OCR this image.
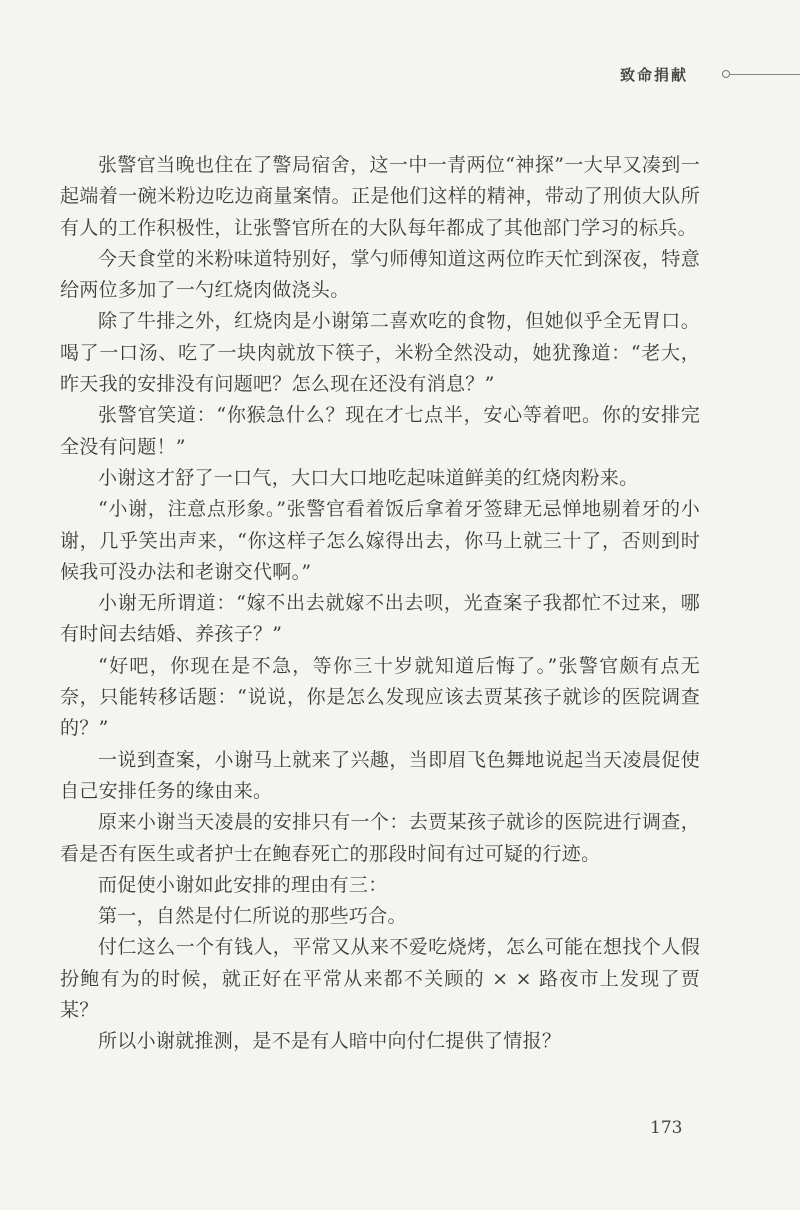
致命捐献

张警官当晚也住在了警局宿舍，这一中一青两位“神探”一大早又凑到一起端着一碗米粉边吃边商量案情。正是他们这样的精神，带动了刑侦大队所有人的工作积极性，让张警官所在的大队每年都成了其他部门学习的标兵。

今天食堂的米粉味道特别好，掌勺师傅知道这两位昨天忙到深夜，特意给两位多加了一勺红烧肉做浇头。

除了牛排之外，红烧肉是小谢第二喜欢吃的食物，但她似乎全无胃口。喝了一口汤、吃了一块肉就放下筷子，米粉全然没动，她犹豫道：“老大，昨天我的安排没有问题吧？怎么现在还没有消息？”

张警官笑道：“你猴急什么？现在才七点半，安心等着吧。你的安排完全没有问题！”

小谢这才舒了一口气，大口大口地吃起味道鲜美的红烧肉粉来。

“小谢，注意点形象。”张警官看着饭后拿着牙签肆无忌惮地剔着牙的小谢，几乎笑出声来，“你这样子怎么嫁得出去，你马上就三十了，否则到时候我可没办法和老谢交代啊。”

小谢无所谓道：“嫁不出去就嫁不出去呗，光查案子我都忙不过来，哪有时间去结婚、养孩子？”

“好吧，你现在是不急，等你三十岁就知道后悔了。”张警官颇有点无奈，只能转移话题：“说说，你是怎么发现应该去贾某孩子就诊的医院调查的？”

一说到查案，小谢马上就来了兴趣，当即眉飞色舞地说起当天凌晨促使自己安排任务的缘由来。

原来小谢当天凌晨的安排只有一个：去贾某孩子就诊的医院进行调查，看是否有医生或者护士在鲍春死亡的那段时间有过可疑的行迹。

而促使小谢如此安排的理由有三：

第一，自然是付仁所说的那些巧合。

付仁这么一个有钱人，平常又从来不爱吃烧烤，怎么可能在想找个人假扮鲍有为的时候，就正好在平常从来都不关顾的 × × 路夜市上发现了贾某？

所以小谢就推测，是不是有人暗中向付仁提供了情报？

173
